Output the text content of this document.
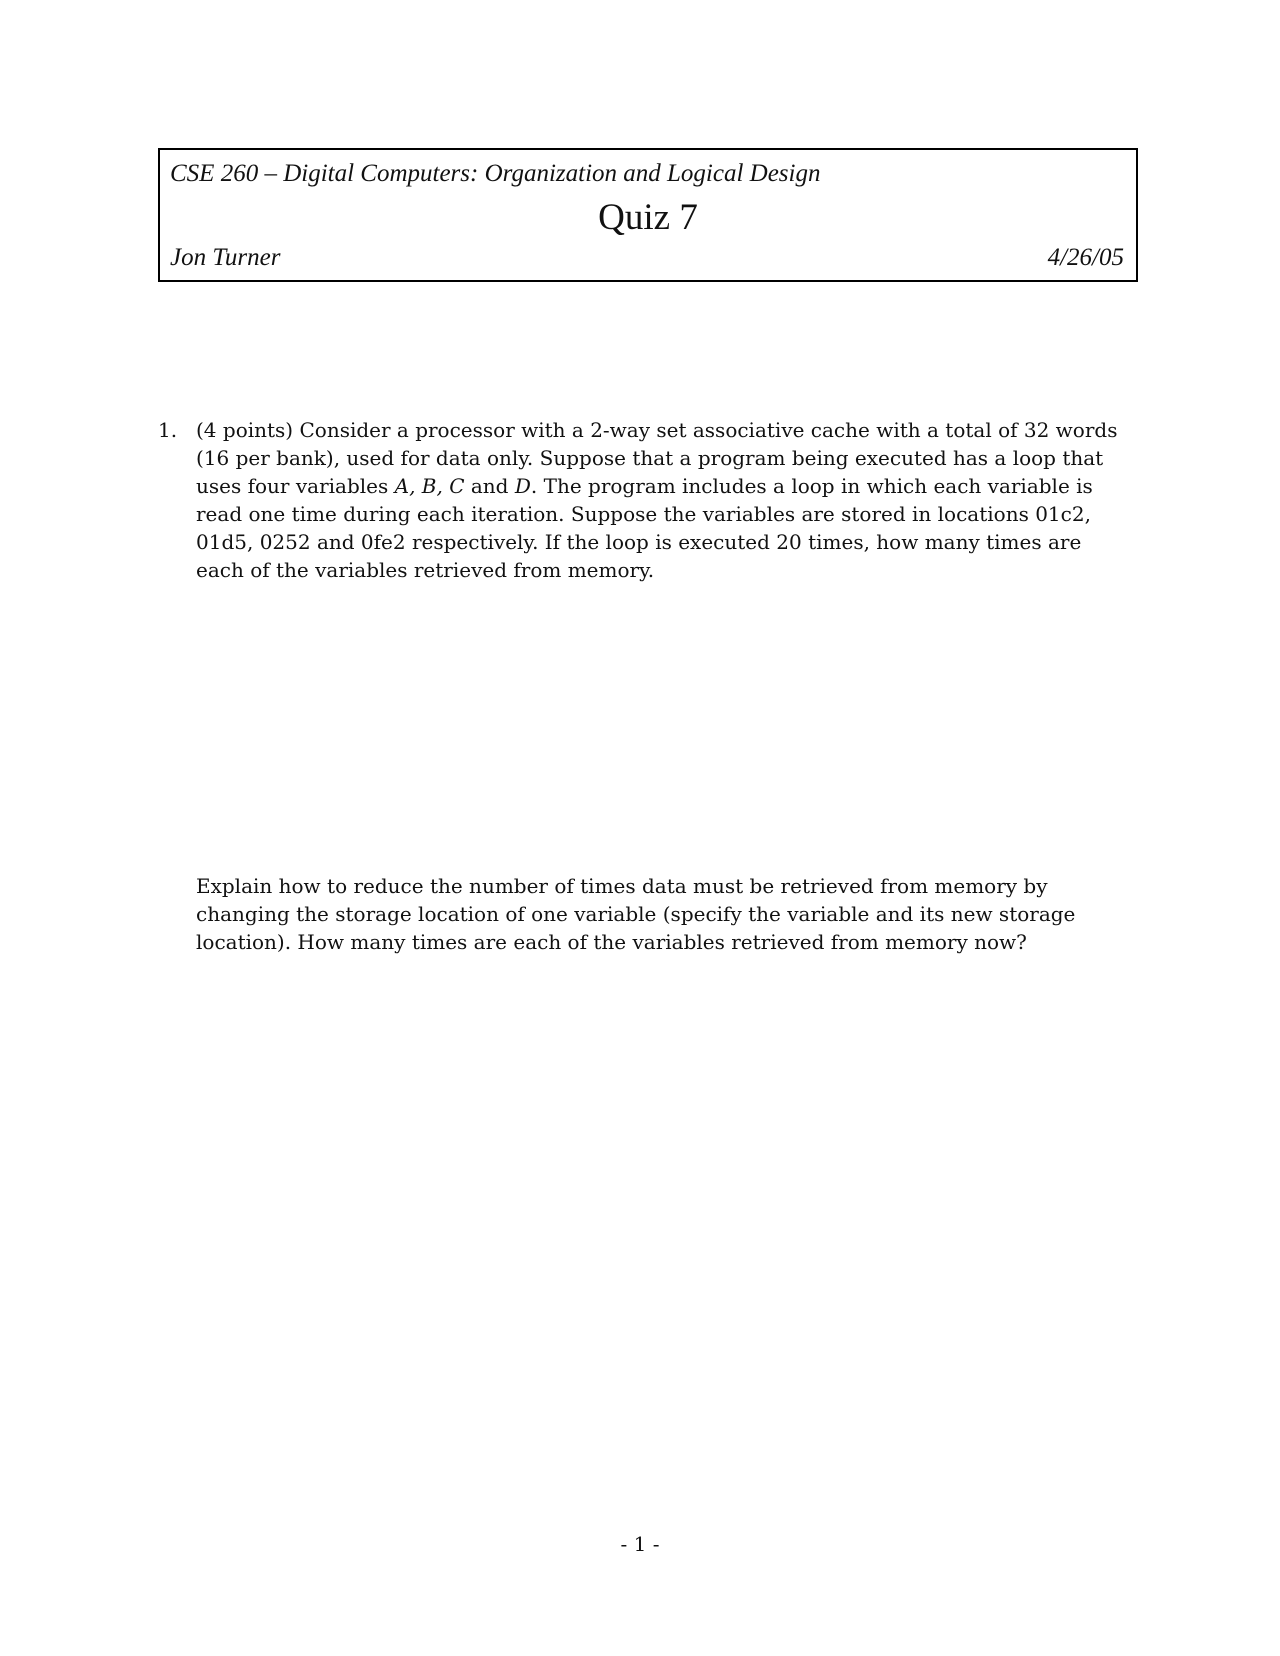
CSE 260 – Digital Computers: Organization and Logical Design
Quiz 7
Jon Turner	4/26/05
1. (4 points) Consider a processor with a 2-way set associative cache with a total of 32 words (16 per bank), used for data only. Suppose that a program being executed has a loop that uses four variables A, B, C and D. The program includes a loop in which each variable is read one time during each iteration. Suppose the variables are stored in locations 01c2, 01d5, 0252 and 0fe2 respectively. If the loop is executed 20 times, how many times are each of the variables retrieved from memory.

Explain how to reduce the number of times data must be retrieved from memory by changing the storage location of one variable (specify the variable and its new storage location). How many times are each of the variables retrieved from memory now?

- 1 -
